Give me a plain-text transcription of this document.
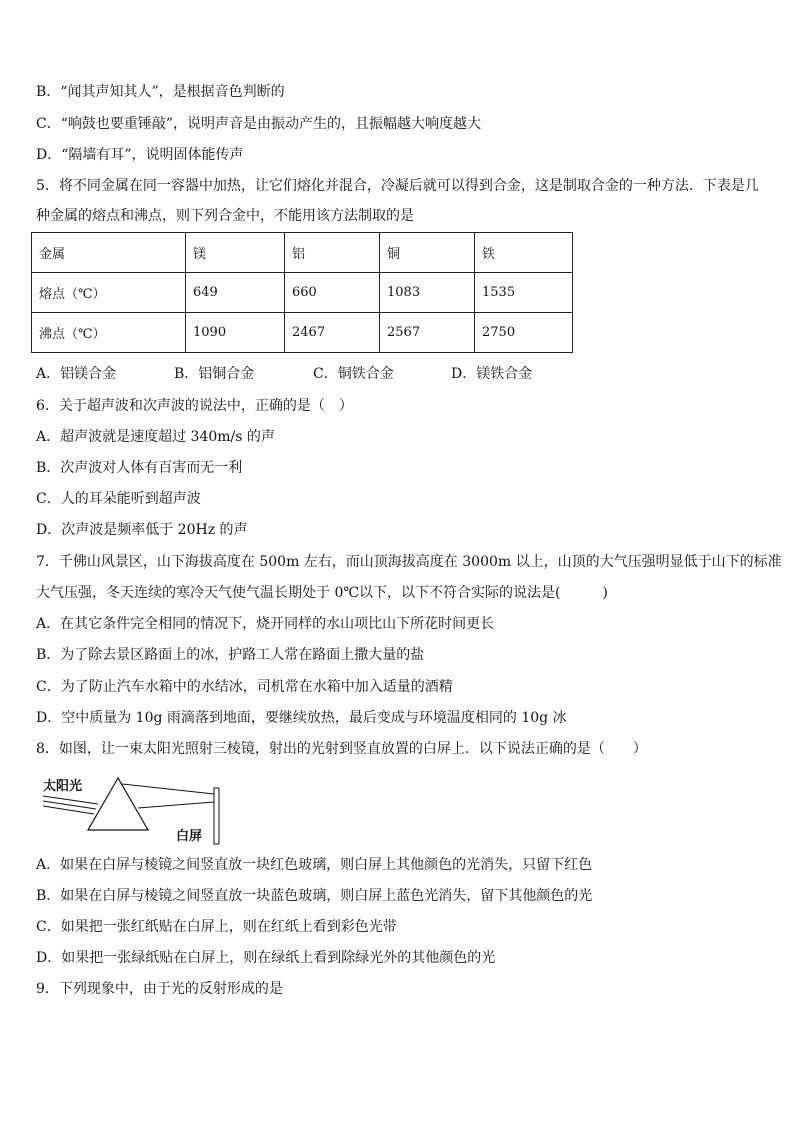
B．“闻其声知其人”，是根据音色判断的
C．“响鼓也要重锤敲”，说明声音是由振动产生的，且振幅越大响度越大
D．“隔墙有耳”，说明固体能传声
5．将不同金属在同一容器中加热，让它们熔化并混合，冷凝后就可以得到合金，这是制取合金的一种方法．下表是几
种金属的熔点和沸点，则下列合金中，不能用该方法制取的是
金属	镁	铝	铜	铁
熔点（℃）	649	660	1083	1535
沸点（℃）	1090	2467	2567	2750
A．铝镁合金	B．铝铜合金	C．铜铁合金	D．镁铁合金
6．关于超声波和次声波的说法中，正确的是（　）
A．超声波就是速度超过 340m/s 的声
B．次声波对人体有百害而无一利
C．人的耳朵能听到超声波
D．次声波是频率低于 20Hz 的声
7．千佛山风景区，山下海拔高度在 500m 左右，而山顶海拔高度在 3000m 以上，山顶的大气压强明显低于山下的标准
大气压强，冬天连续的寒冷天气使气温长期处于 0℃以下，以下不符合实际的说法是(　　　)
A．在其它条件完全相同的情况下，烧开同样的水山项比山下所花时间更长
B．为了除去景区路面上的冰，护路工人常在路面上撒大量的盐
C．为了防止汽车水箱中的水结冰，司机常在水箱中加入适量的酒精
D．空中质量为 10g 雨滴落到地面，要继续放热，最后变成与环境温度相同的 10g 冰
8．如图，让一束太阳光照射三棱镜，射出的光射到竖直放置的白屏上．以下说法正确的是（　　）
太阳光
白屏
A．如果在白屏与棱镜之间竖直放一块红色玻璃，则白屏上其他颜色的光消失，只留下红色
B．如果在白屏与棱镜之间竖直放一块蓝色玻璃，则白屏上蓝色光消失，留下其他颜色的光
C．如果把一张红纸贴在白屏上，则在红纸上看到彩色光带
D．如果把一张绿纸贴在白屏上，则在绿纸上看到除绿光外的其他颜色的光
9．下列现象中，由于光的反射形成的是
